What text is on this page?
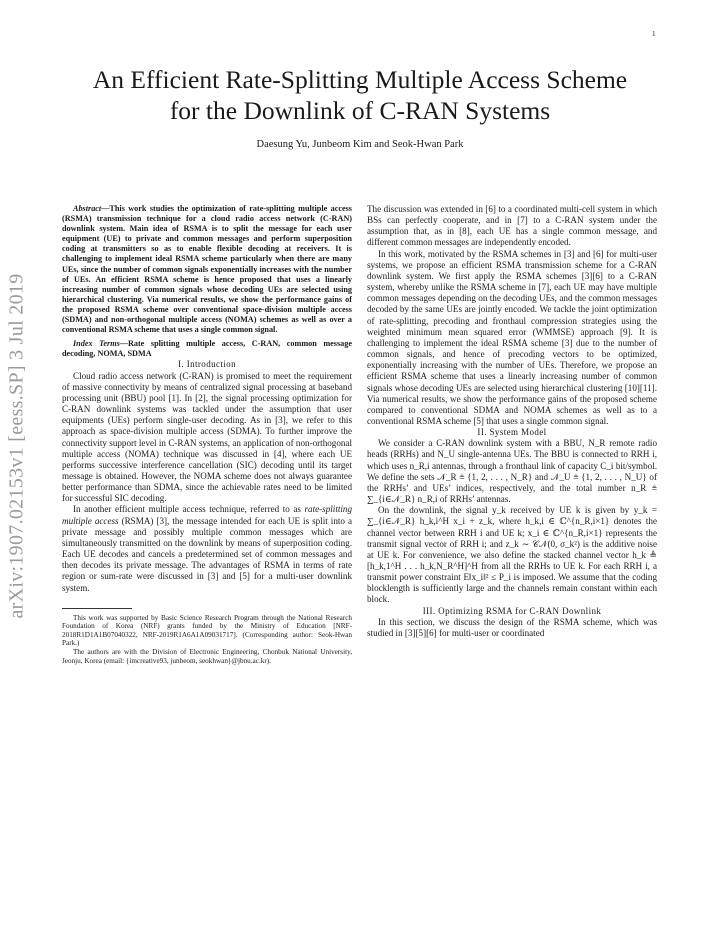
1
arXiv:1907.02153v1 [eess.SP] 3 Jul 2019
An Efficient Rate-Splitting Multiple Access Scheme
for the Downlink of C-RAN Systems
Daesung Yu, Junbeom Kim and Seok-Hwan Park

Abstract—This work studies the optimization of rate-splitting multiple access (RSMA) transmission technique for a cloud radio access network (C-RAN) downlink system. Main idea of RSMA is to split the message for each user equipment (UE) to private and common messages and perform superposition coding at transmitters so as to enable flexible decoding at receivers. It is challenging to implement ideal RSMA scheme particularly when there are many UEs, since the number of common signals exponentially increases with the number of UEs. An efficient RSMA scheme is hence proposed that uses a linearly increasing number of common signals whose decoding UEs are selected using hierarchical clustering. Via numerical results, we show the performance gains of the proposed RSMA scheme over conventional space-division multiple access (SDMA) and non-orthogonal multiple access (NOMA) schemes as well as over a conventional RSMA scheme that uses a single common signal.

Index Terms—Rate splitting multiple access, C-RAN, common message decoding, NOMA, SDMA

I. Introduction

Cloud radio access network (C-RAN) is promised to meet the requirement of massive connectivity by means of centralized signal processing at baseband processing unit (BBU) pool [1]. In [2], the signal processing optimization for C-RAN downlink systems was tackled under the assumption that user equipments (UEs) perform single-user decoding. As in [3], we refer to this approach as space-division multiple access (SDMA). To further improve the connectivity support level in C-RAN systems, an application of non-orthogonal multiple access (NOMA) technique was discussed in [4], where each UE performs successive interference cancellation (SIC) decoding until its target message is obtained. However, the NOMA scheme does not always guarantee better performance than SDMA, since the achievable rates need to be limited for successful SIC decoding.

In another efficient multiple access technique, referred to as rate-splitting multiple access (RSMA) [3], the message intended for each UE is split into a private message and possibly multiple common messages which are simultaneously transmitted on the downlink by means of superposition coding. Each UE decodes and cancels a predetermined set of common messages and then decodes its private message. The advantages of RSMA in terms of rate region or sum-rate were discussed in [3] and [5] for a multi-user downlink system.

This work was supported by Basic Science Research Program through the National Research Foundation of Korea (NRF) grants funded by the Ministry of Education [NRF-2018R1D1A1B07040322, NRF-2019R1A6A1A09031717]. (Corresponding author: Seok-Hwan Park.)

The authors are with the Division of Electronic Engineering, Chonbuk National University, Jeonju, Korea (email: {imcreative93, junbeom, seokhwan}@jbnu.ac.kr).

The discussion was extended in [6] to a coordinated multi-cell system in which BSs can perfectly cooperate, and in [7] to a C-RAN system under the assumption that, as in [8], each UE has a single common message, and different common messages are independently encoded.

In this work, motivated by the RSMA schemes in [3] and [6] for multi-user systems, we propose an efficient RSMA transmission scheme for a C-RAN downlink system. We first apply the RSMA schemes [3][6] to a C-RAN system, whereby unlike the RSMA scheme in [7], each UE may have multiple common messages depending on the decoding UEs, and the common messages decoded by the same UEs are jointly encoded. We tackle the joint optimization of rate-splitting, precoding and fronthaul compression strategies using the weighted minimum mean squared error (WMMSE) approach [9]. It is challenging to implement the ideal RSMA scheme [3] due to the number of common signals, and hence of precoding vectors to be optimized, exponentially increasing with the number of UEs. Therefore, we propose an efficient RSMA scheme that uses a linearly increasing number of common signals whose decoding UEs are selected using hierarchical clustering [10][11]. Via numerical results, we show the performance gains of the proposed scheme compared to conventional SDMA and NOMA schemes as well as to a conventional RSMA scheme [5] that uses a single common signal.

II. System Model

We consider a C-RAN downlink system with a BBU, N_R remote radio heads (RRHs) and N_U single-antenna UEs. The BBU is connected to RRH i, which uses n_R,i antennas, through a fronthaul link of capacity C_i bit/symbol. We define the sets 𝒩_R ≜ {1, 2, . . . , N_R} and 𝒩_U ≜ {1, 2, . . . , N_U} of the RRHs’ and UEs’ indices, respectively, and the total number n_R ≜ ∑_{i∈𝒩_R} n_R,i of RRHs’ antennas.

On the downlink, the signal y_k received by UE k is given by y_k = ∑_{i∈𝒩_R} h_k,i^H x_i + z_k, where h_k,i ∈ ℂ^{n_R,i×1} denotes the channel vector between RRH i and UE k; x_i ∈ ℂ^{n_R,i×1} represents the transmit signal vector of RRH i; and z_k ∼ 𝒞𝒩(0, σ_k²) is the additive noise at UE k. For convenience, we also define the stacked channel vector h_k ≜ [h_k,1^H . . . h_k,N_R^H]^H from all the RRHs to UE k. For each RRH i, a transmit power constraint E‖x_i‖² ≤ P_i is imposed. We assume that the coding blocklength is sufficiently large and the channels remain constant within each block.

III. Optimizing RSMA for C-RAN Downlink

In this section, we discuss the design of the RSMA scheme, which was studied in [3][5][6] for multi-user or coordinated
